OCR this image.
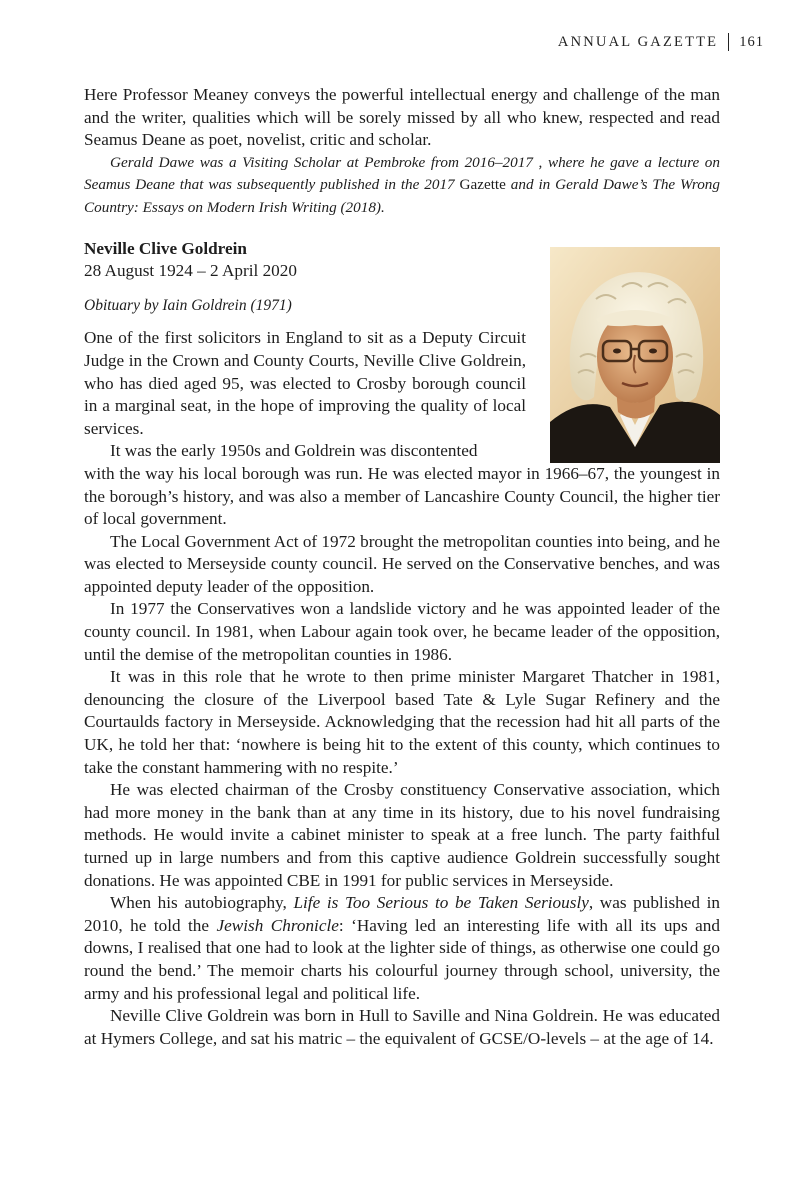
ANNUAL GAZETTE 161

Here Professor Meaney conveys the powerful intellectual energy and challenge of the man and the writer, qualities which will be sorely missed by all who knew, respected and read Seamus Deane as poet, novelist, critic and scholar.

Gerald Dawe was a Visiting Scholar at Pembroke from 2016–2017 , where he gave a lecture on Seamus Deane that was subsequently published in the 2017 Gazette and in Gerald Dawe’s The Wrong Country: Essays on Modern Irish Writing (2018).

Neville Clive Goldrein

28 August 1924 – 2 April 2020

Obituary by Iain Goldrein (1971)

One of the first solicitors in England to sit as a Deputy Circuit Judge in the Crown and County Courts, Neville Clive Goldrein, who has died aged 95, was elected to Crosby borough council in a marginal seat, in the hope of improving the quality of local services.

It was the early 1950s and Goldrein was discontented

with the way his local borough was run. He was elected mayor in 1966–67, the youngest in the borough’s history, and was also a member of Lancashire County Council, the higher tier of local government.

The Local Government Act of 1972 brought the metropolitan counties into being, and he was elected to Merseyside county council. He served on the Conservative benches, and was appointed deputy leader of the opposition.

In 1977 the Conservatives won a landslide victory and he was appointed leader of the county council. In 1981, when Labour again took over, he became leader of the opposition, until the demise of the metropolitan counties in 1986.

It was in this role that he wrote to then prime minister Margaret Thatcher in 1981, denouncing the closure of the Liverpool based Tate & Lyle Sugar Refinery and the Courtaulds factory in Merseyside. Acknowledging that the recession had hit all parts of the UK, he told her that: ‘nowhere is being hit to the extent of this county, which continues to take the constant hammering with no respite.’

He was elected chairman of the Crosby constituency Conservative association, which had more money in the bank than at any time in its history, due to his novel fundraising methods. He would invite a cabinet minister to speak at a free lunch. The party faithful turned up in large numbers and from this captive audience Goldrein successfully sought donations. He was appointed CBE in 1991 for public services in Merseyside.

When his autobiography, Life is Too Serious to be Taken Seriously, was published in 2010, he told the Jewish Chronicle: ‘Having led an interesting life with all its ups and downs, I realised that one had to look at the lighter side of things, as otherwise one could go round the bend.’ The memoir charts his colourful journey through school, university, the army and his professional legal and political life.

Neville Clive Goldrein was born in Hull to Saville and Nina Goldrein. He was educated at Hymers College, and sat his matric – the equivalent of GCSE/O-levels – at the age of 14.
